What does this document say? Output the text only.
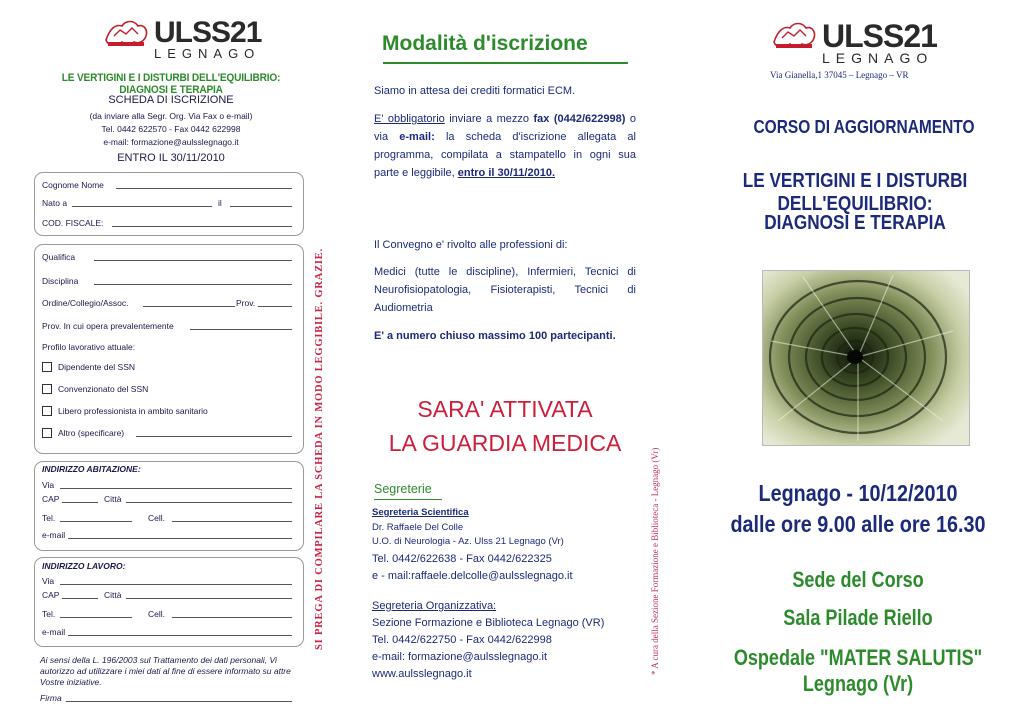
ULSS21
LEGNAGO
LE VERTIGINI E I DISTURBI DELL'EQUILIBRIO: DIAGNOSI E TERAPIA
SCHEDA DI ISCRIZIONE
(da inviare alla Segr. Org. Via Fax o e-mail)
Tel. 0442 622570 - Fax 0442 622998
e-mail: formazione@aulsslegnago.it
ENTRO IL 30/11/2010
Cognome Nome
Nato a	il
COD. FISCALE:
Qualifica
Disciplina
Ordine/Collegio/Assoc.	Prov.
Prov. In cui opera prevalentemente
Profilo lavorativo attuale:
Dipendente del SSN
Convenzionato del SSN
Libero professionista in ambito sanitario
Altro (specificare)
INDIRIZZO ABITAZIONE:
Via
CAP	Città
Tel.	Cell.
e-mail
INDIRIZZO LAVORO:
Via
CAP	Città
Tel.	Cell.
e-mail
Ai sensi della L. 196/2003 sul Trattamento dei dati personali, Vi autorizzo ad utilizzare i miei dati al fine di essere informato su attre Vostre iniziative.
Firma
SI PREGA DI COMPILARE LA SCHEDA IN MODO LEGGIBILE. GRAZIE.
Modalità d'iscrizione
Siamo in attesa dei crediti formatici ECM.
E' obbligatorio inviare a mezzo fax (0442/622998) o via e-mail: la scheda d'iscrizione allegata al programma, compilata a stampatello in ogni sua parte e leggibile, entro il 30/11/2010.
Il Convegno e' rivolto alle professioni di:
Medici (tutte le discipline), Infermieri, Tecnici di Neurofisiopatologia, Fisioterapisti, Tecnici di Audiometria
E' a numero chiuso massimo 100 partecipanti.
SARA' ATTIVATA
LA GUARDIA MEDICA
Segreterie
Segreteria Scientifica
Dr. Raffaele Del Colle
U.O. di Neurologia - Az. Ulss 21 Legnago (Vr)
Tel. 0442/622638 - Fax 0442/622325
e - mail:raffaele.delcolle@aulsslegnago.it
Segreteria Organizzativa:
Sezione Formazione e Biblioteca Legnago (VR)
Tel. 0442/622750 - Fax 0442/622998
e-mail: formazione@aulsslegnago.it
www.aulsslegnago.it	* A cura della Sezione Formazione e Biblioteca - Legnago (Vr)
ULSS21
LEGNAGO
Via Gianella,1 37045 – Legnago – VR
CORSO DI AGGIORNAMENTO
LE VERTIGINI E I DISTURBI DELL'EQUILIBRIO:
DIAGNOSI E TERAPIA
Legnago - 10/12/2010
dalle ore 9.00 alle ore 16.30
Sede del Corso
Sala Pilade Riello
Ospedale "MATER SALUTIS" Legnago (Vr)
